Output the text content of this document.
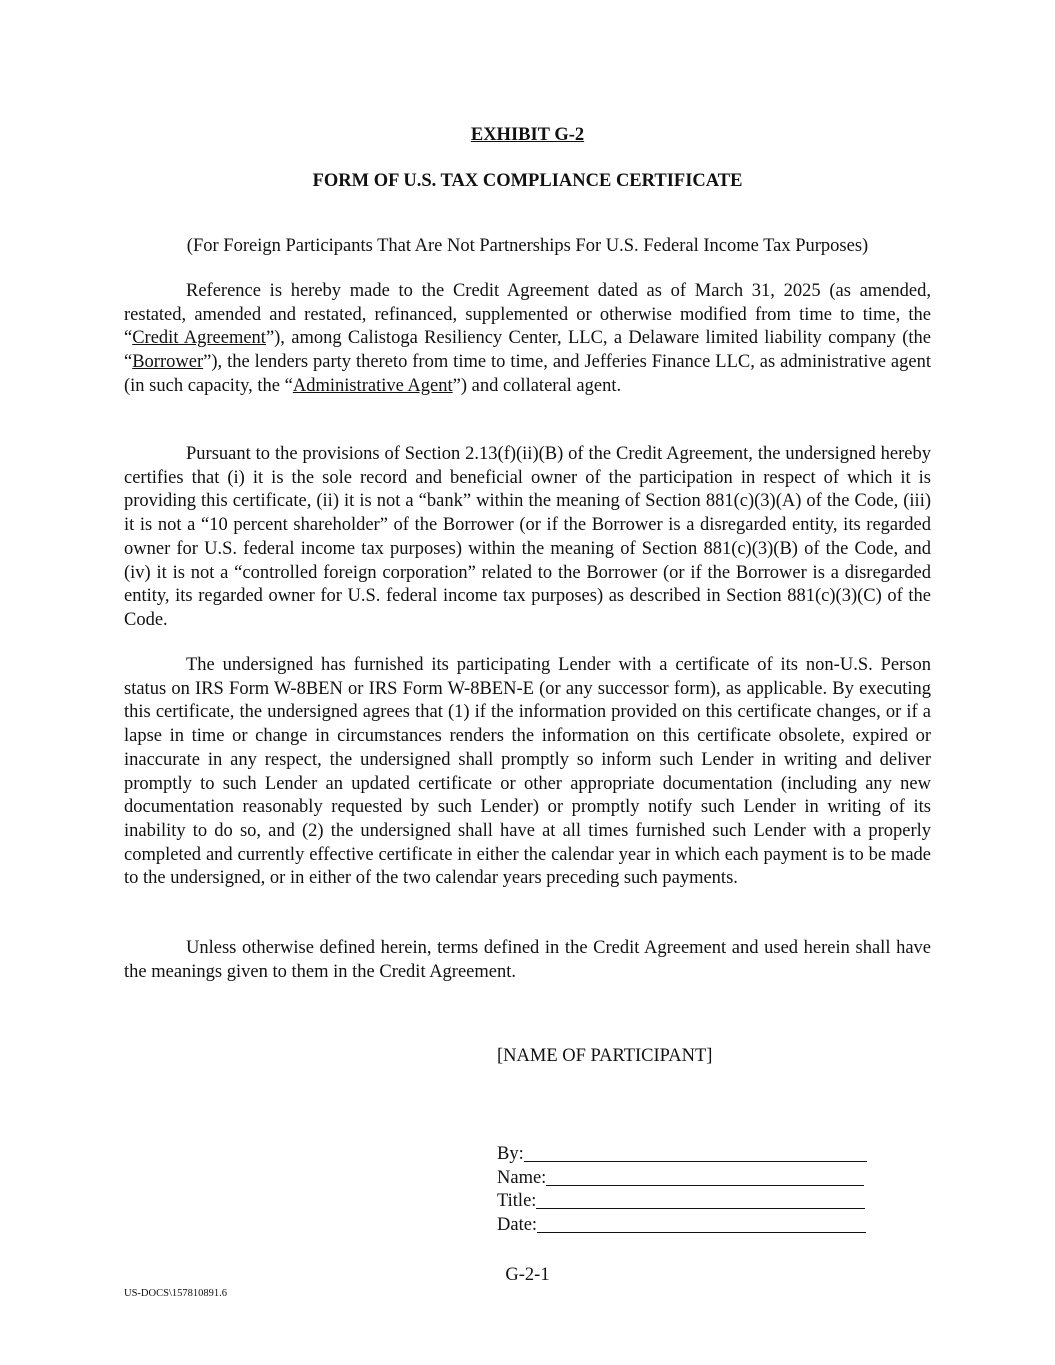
EXHIBIT G-2
FORM OF U.S. TAX COMPLIANCE CERTIFICATE
(For Foreign Participants That Are Not Partnerships For U.S. Federal Income Tax Purposes)

Reference is hereby made to the Credit Agreement dated as of March 31, 2025 (as amended, restated, amended and restated, refinanced, supplemented or otherwise modified from time to time, the “Credit Agreement”), among Calistoga Resiliency Center, LLC, a Delaware limited liability company (the “Borrower”), the lenders party thereto from time to time, and Jefferies Finance LLC, as administrative agent (in such capacity, the “Administrative Agent”) and collateral agent.

Pursuant to the provisions of Section 2.13(f)(ii)(B) of the Credit Agreement, the undersigned hereby certifies that (i) it is the sole record and beneficial owner of the participation in respect of which it is providing this certificate, (ii) it is not a “bank” within the meaning of Section 881(c)(3)(A) of the Code, (iii) it is not a “10 percent shareholder” of the Borrower (or if the Borrower is a disregarded entity, its regarded owner for U.S. federal income tax purposes) within the meaning of Section 881(c)(3)(B) of the Code, and (iv) it is not a “controlled foreign corporation” related to the Borrower (or if the Borrower is a disregarded entity, its regarded owner for U.S. federal income tax purposes) as described in Section 881(c)(3)(C) of the Code.

The undersigned has furnished its participating Lender with a certificate of its non-U.S. Person status on IRS Form W-8BEN or IRS Form W-8BEN-E (or any successor form), as applicable. By executing this certificate, the undersigned agrees that (1) if the information provided on this certificate changes, or if a lapse in time or change in circumstances renders the information on this certificate obsolete, expired or inaccurate in any respect, the undersigned shall promptly so inform such Lender in writing and deliver promptly to such Lender an updated certificate or other appropriate documentation (including any new documentation reasonably requested by such Lender) or promptly notify such Lender in writing of its inability to do so, and (2) the undersigned shall have at all times furnished such Lender with a properly completed and currently effective certificate in either the calendar year in which each payment is to be made to the undersigned, or in either of the two calendar years preceding such payments.

Unless otherwise defined herein, terms defined in the Credit Agreement and used herein shall have the meanings given to them in the Credit Agreement.

[NAME OF PARTICIPANT]
By:
Name:
Title:
Date:
G-2-1
US-DOCS\157810891.6
